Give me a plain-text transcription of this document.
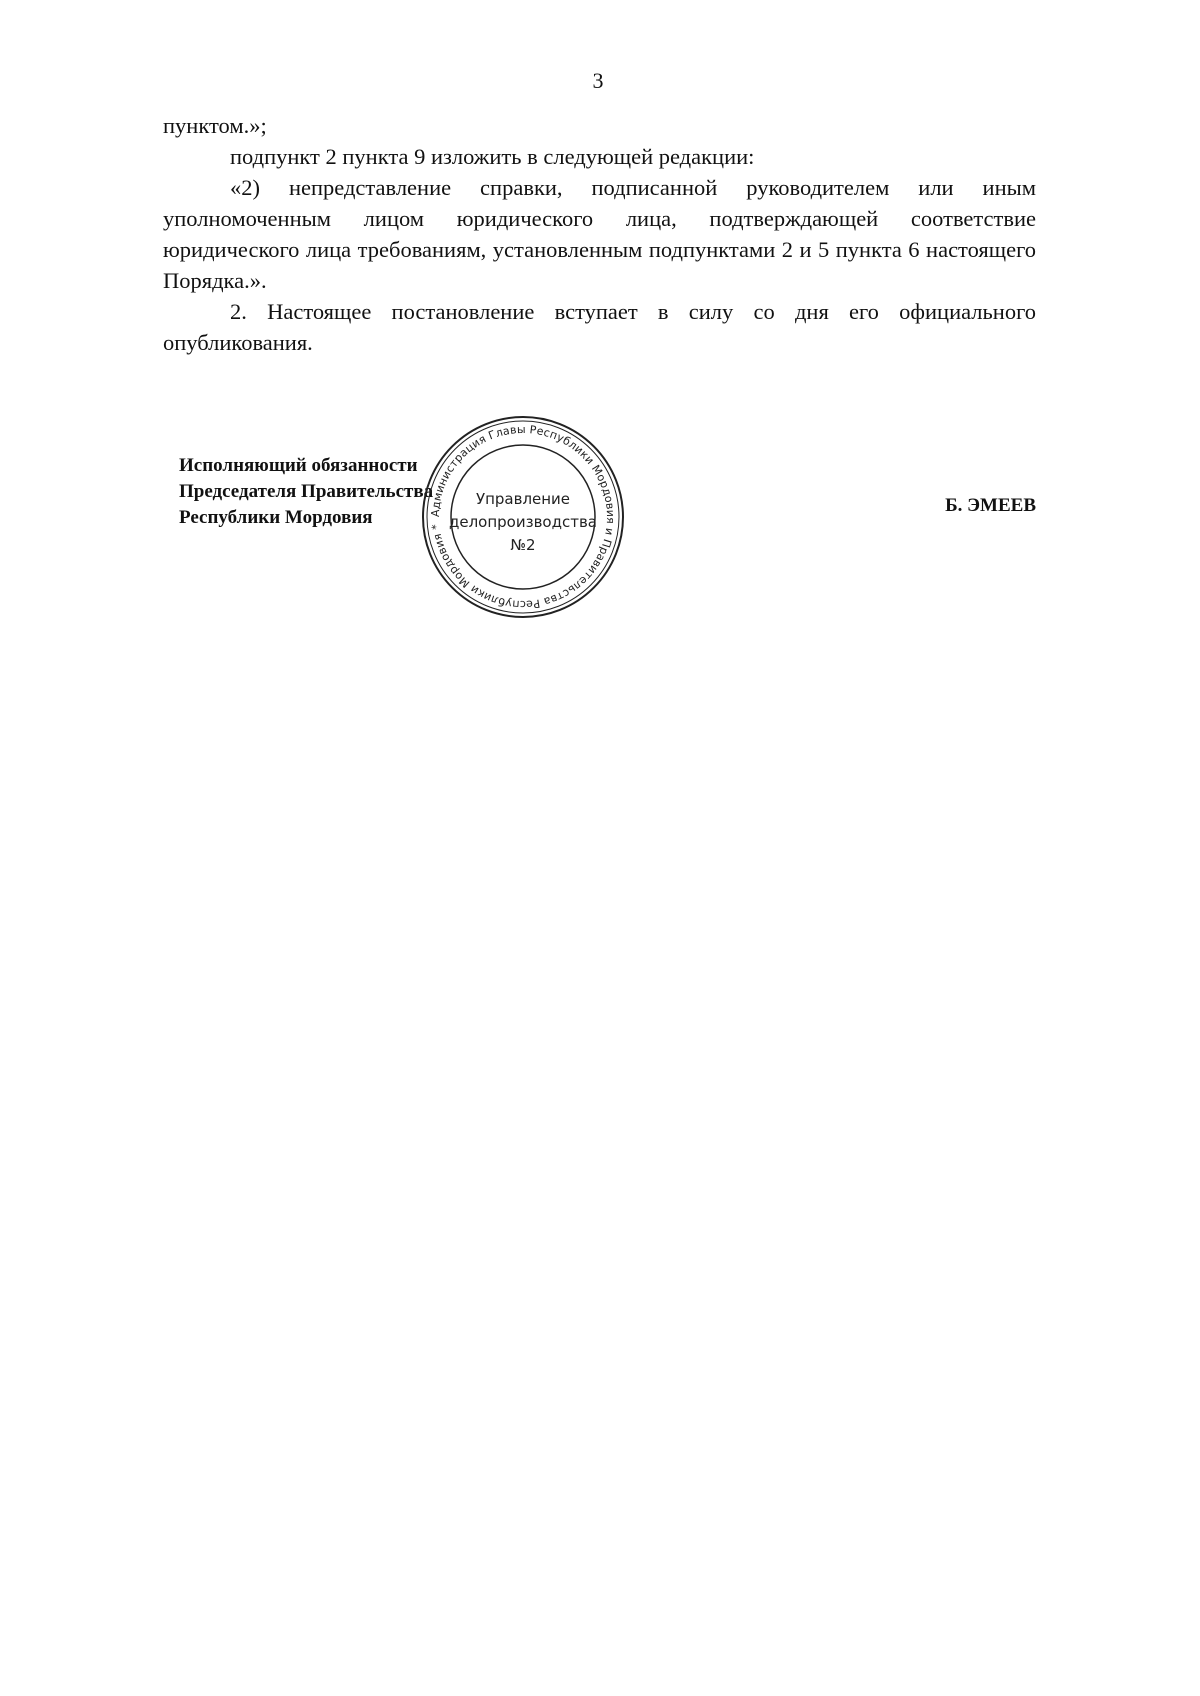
3

пунктом.»;

подпункт 2 пункта 9 изложить в следующей редакции:

«2) непредставление справки, подписанной руководителем или иным уполномоченным лицом юридического лица, подтверждающей соответствие юридического лица требованиям, установленным подпунктами 2 и 5 пункта 6 настоящего Порядка.».

2. Настоящее постановление вступает в силу со дня его официального опубликования.

Исполняющий обязанности
Председателя Правительства
Республики Мордовия
Б. ЭМЕЕВ
Администрация Главы Республики Мордовия и Правительства Республики Мордовия *
Управление
делопроизводства
№2
